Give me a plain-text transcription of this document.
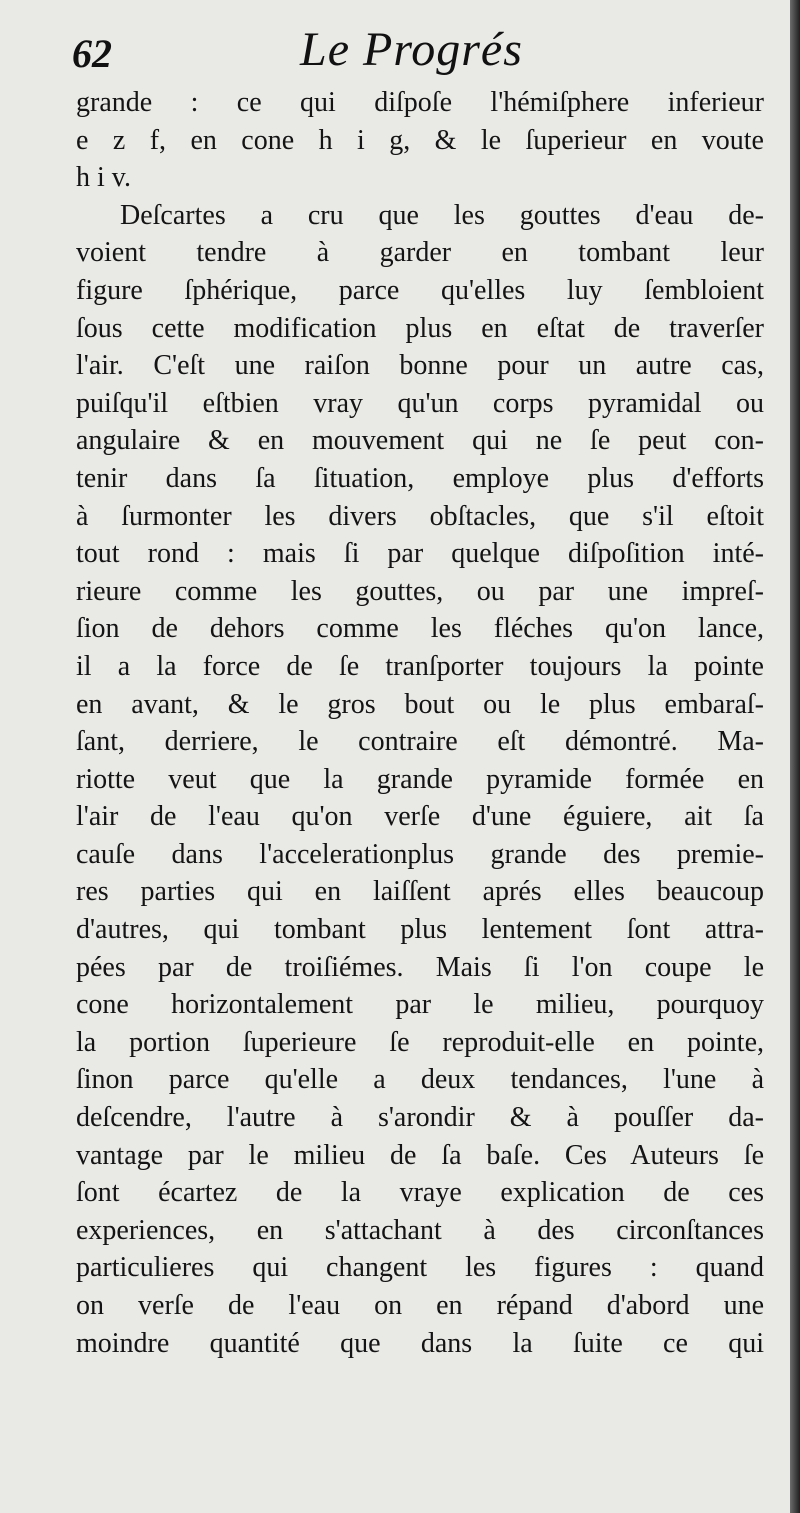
62	Le Progrés
grande : ce qui diſpoſe l'hémiſphere inferieur
e z f, en cone h i g, & le ſuperieur en voute
h i v.
Deſcartes a cru que les gouttes d'eau de-
voient tendre à garder en tombant leur
figure ſphérique, parce qu'elles luy ſembloient
ſous cette modification plus en eſtat de traverſer
l'air. C'eſt une raiſon bonne pour un autre cas,
puiſqu'il eſtbien vray qu'un corps pyramidal ou
angulaire & en mouvement qui ne ſe peut con-
tenir dans ſa ſituation, employe plus d'efforts
à ſurmonter les divers obſtacles, que s'il eſtoit
tout rond : mais ſi par quelque diſpoſition inté-
rieure comme les gouttes, ou par une impreſ-
ſion de dehors comme les fléches qu'on lance,
il a la force de ſe tranſporter toujours la pointe
en avant, & le gros bout ou le plus embaraſ-
ſant, derriere, le contraire eſt démontré. Ma-
riotte veut que la grande pyramide formée en
l'air de l'eau qu'on verſe d'une éguiere, ait ſa
cauſe dans l'accelerationplus grande des premie-
res parties qui en laiſſent aprés elles beaucoup
d'autres, qui tombant plus lentement ſont attra-
pées par de troiſiémes. Mais ſi l'on coupe le
cone horizontalement par le milieu, pourquoy
la portion ſuperieure ſe reproduit-elle en pointe,
ſinon parce qu'elle a deux tendances, l'une à
deſcendre, l'autre à s'arondir & à pouſſer da-
vantage par le milieu de ſa baſe. Ces Auteurs ſe
ſont écartez de la vraye explication de ces
experiences, en s'attachant à des circonſtances
particulieres qui changent les figures : quand
on verſe de l'eau on en répand d'abord une
moindre quantité que dans la ſuite ce qui
